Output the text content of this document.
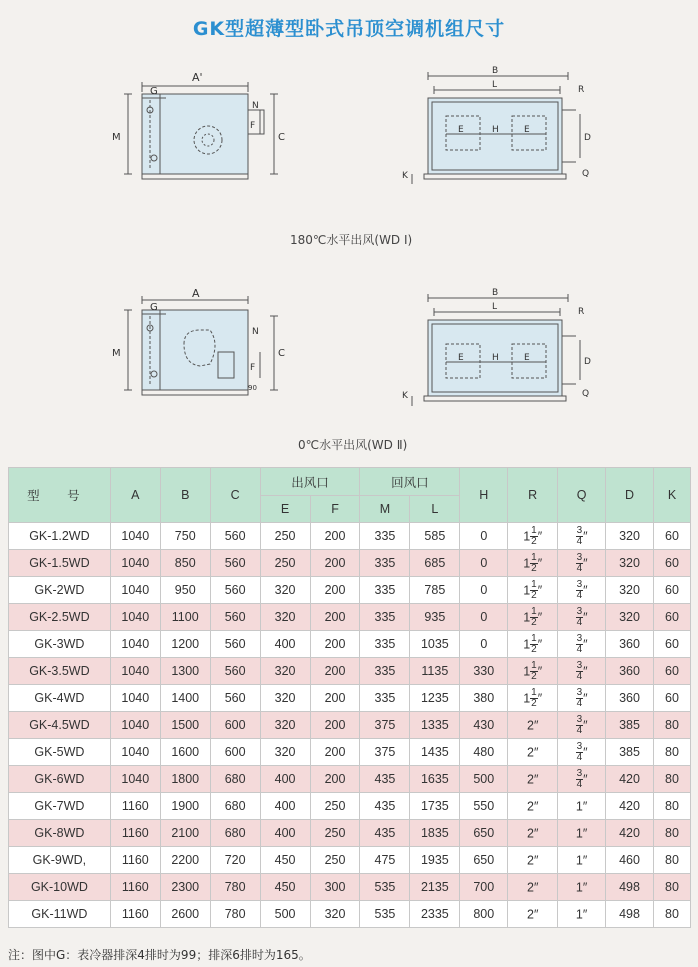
GK型超薄型卧式吊顶空调机组尺寸
A'
G
M
N
F
C
B
L
E	H	E
R
D
K	Q
180℃水平出风(WD Ⅰ)
A
G
M
N
F
90
C
B
L
E	H	E
R
D
K	Q
0℃水平出风(WD Ⅱ)
型 号	A	B	C	出风口		回风口		H	R	Q	D	K
				E	F	M	L					
GK-1.2WD	1040	750	560	250	200	335	585	0	$1 \frac{1}{2}$ ″	$\frac{3}{4}$ ″	320	60
GK-1.5WD	1040	850	560	250	200	335	685	0	$1 \frac{1}{2}$ ″	$\frac{3}{4}$ ″	320	60
GK-2WD	1040	950	560	320	200	335	785	0	$1 \frac{1}{2}$ ″	$\frac{3}{4}$ ″	320	60
GK-2.5WD	1040	1100	560	320	200	335	935	0	$1 \frac{1}{2}$ ″	$\frac{3}{4}$ ″	320	60
GK-3WD	1040	1200	560	400	200	335	1035	0	$1 \frac{1}{2}$ ″	$\frac{3}{4}$ ″	360	60
GK-3.5WD	1040	1300	560	320	200	335	1135	330	$1 \frac{1}{2}$ ″	$\frac{3}{4}$ ″	360	60
GK-4WD	1040	1400	560	320	200	335	1235	380	$1 \frac{1}{2}$ ″	$\frac{3}{4}$ ″	360	60
GK-4.5WD	1040	1500	600	320	200	375	1335	430	2″	$\frac{3}{4}$ ″	385	80
GK-5WD	1040	1600	600	320	200	375	1435	480	2″	$\frac{3}{4}$ ″	385	80
GK-6WD	1040	1800	680	400	200	435	1635	500	2″	$\frac{3}{4}$ ″	420	80
GK-7WD	1160	1900	680	400	250	435	1735	550	2″	1″	420	80
GK-8WD	1160	2100	680	400	250	435	1835	650	2″	1″	420	80
GK-9WD,	1160	2200	720	450	250	475	1935	650	2″	1″	460	80
GK-10WD	1160	2300	780	450	300	535	2135	700	2″	1″	498	80
GK-11WD	1160	2600	780	500	320	535	2335	800	2″	1″	498	80
注：图中G：表冷器排深4排时为99；排深6排时为165。
